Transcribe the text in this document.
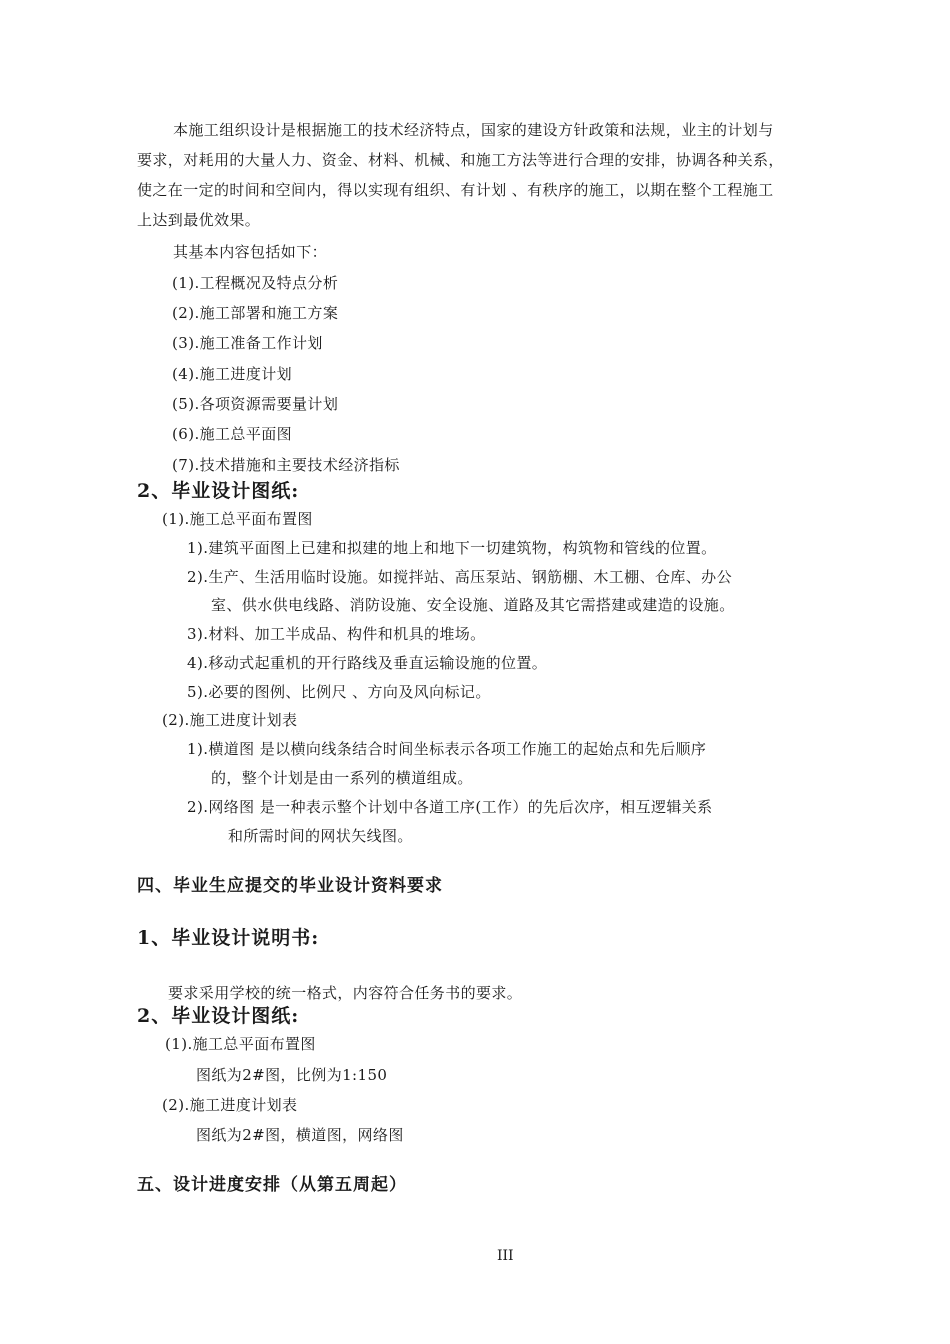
本施工组织设计是根据施工的技术经济特点，国家的建设方针政策和法规，业主的计划与
要求，对耗用的大量人力、资金、材料、机械、和施工方法等进行合理的安排，协调各种关系，
使之在一定的时间和空间内，得以实现有组织、有计划 、有秩序的施工，以期在整个工程施工
上达到最优效果。
其基本内容包括如下：
(1).工程概况及特点分析
(2).施工部署和施工方案
(3).施工准备工作计划
(4).施工进度计划
(5).各项资源需要量计划
(6).施工总平面图
(7).技术措施和主要技术经济指标
2、毕业设计图纸:
(1).施工总平面布置图
1).建筑平面图上已建和拟建的地上和地下一切建筑物，构筑物和管线的位置。
2).生产、生活用临时设施。如搅拌站、高压泵站、钢筋棚、木工棚、仓库、办公
室、供水供电线路、消防设施、安全设施、道路及其它需搭建或建造的设施。
3).材料、加工半成品、构件和机具的堆场。
4).移动式起重机的开行路线及垂直运输设施的位置。
5).必要的图例、比例尺 、方向及风向标记。
(2).施工进度计划表
1).横道图 是以横向线条结合时间坐标表示各项工作施工的起始点和先后顺序
的，整个计划是由一系列的横道组成。
2).网络图 是一种表示整个计划中各道工序(工作）的先后次序，相互逻辑关系
和所需时间的网状矢线图。
四、毕业生应提交的毕业设计资料要求
1、毕业设计说明书:
要求采用学校的统一格式，内容符合任务书的要求。
2、毕业设计图纸:
(1).施工总平面布置图
图纸为2#图，比例为1:150
(2).施工进度计划表
图纸为2#图，横道图，网络图
五、设计进度安排（从第五周起）
III
